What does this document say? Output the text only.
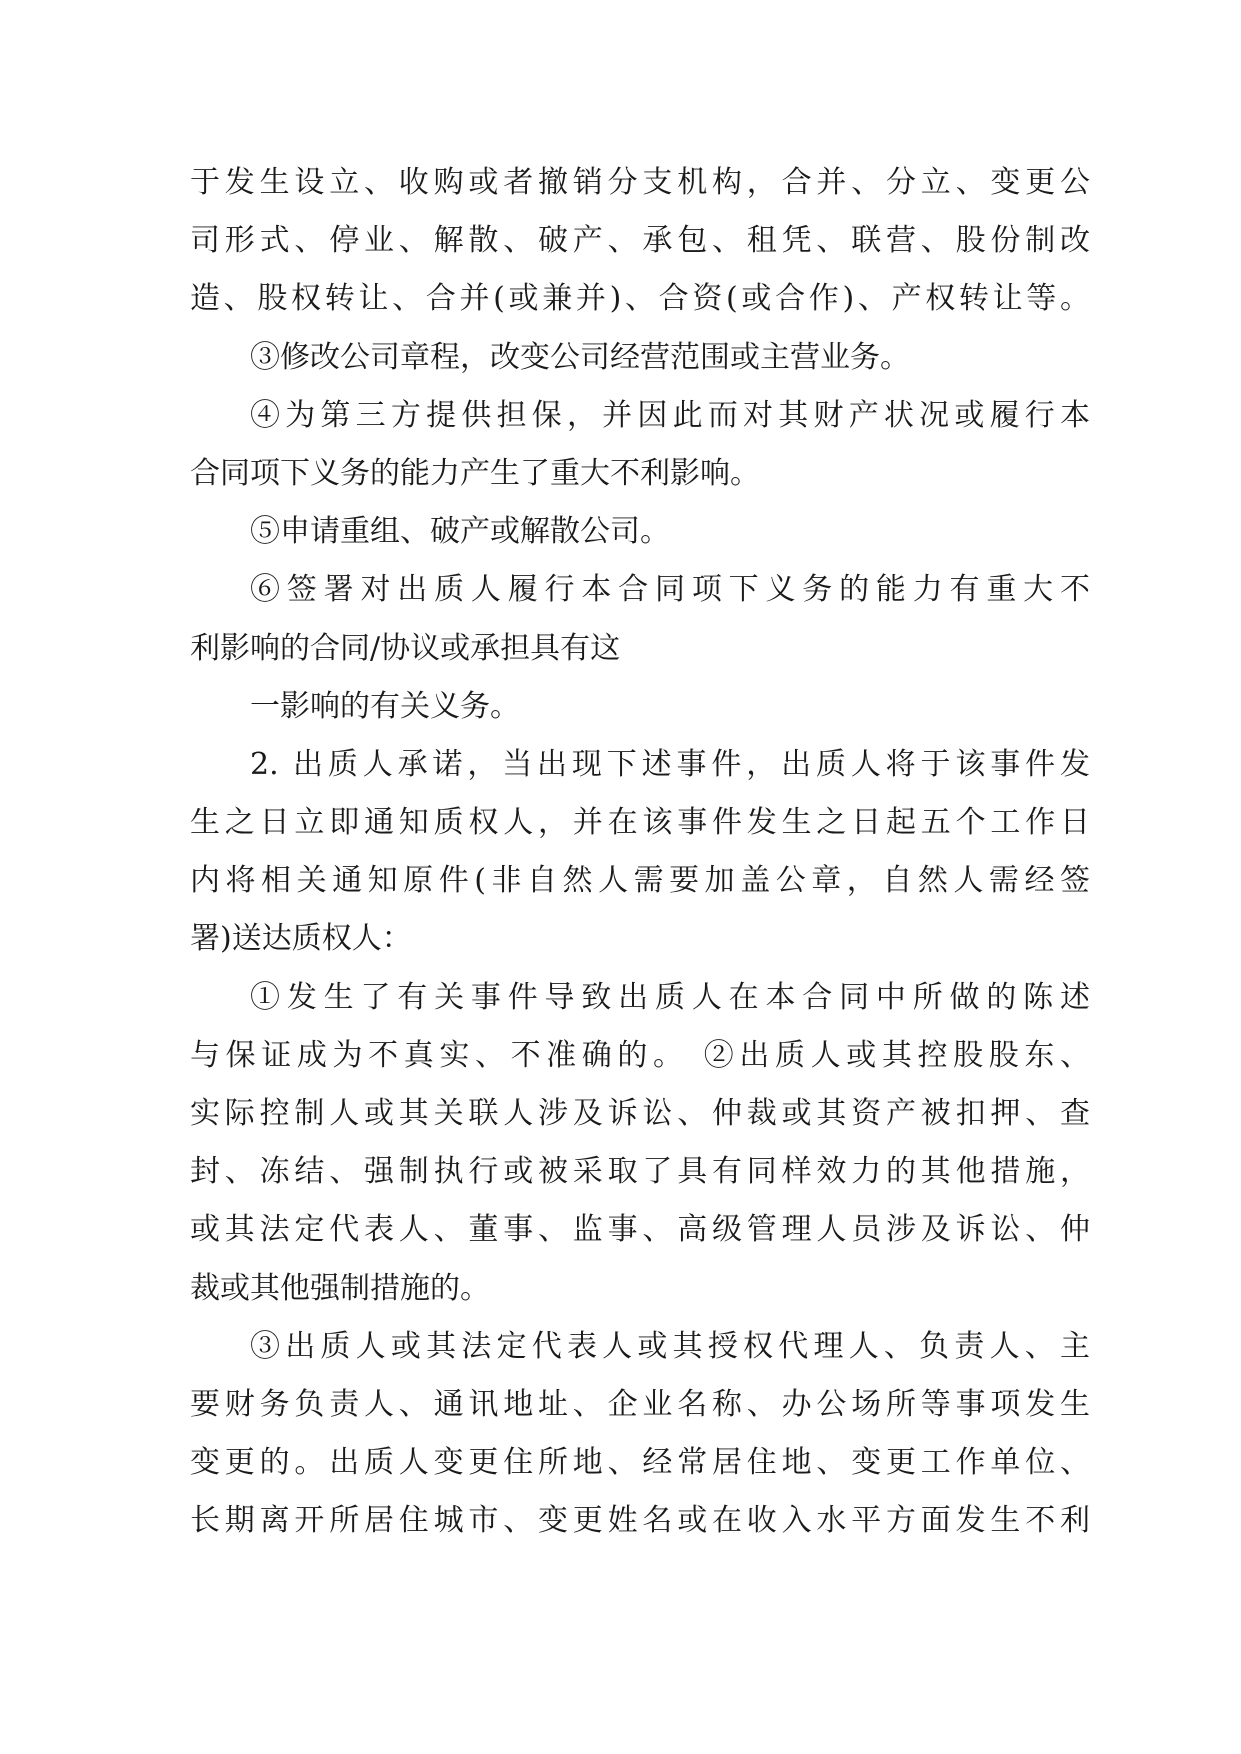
于发生设立、收购或者撤销分支机构，合并、分立、变更公
司形式、停业、解散、破产、承包、租凭、联营、股份制改
造、股权转让、合并(或兼并)、合资(或合作)、产权转让等。
③修改公司章程，改变公司经营范围或主营业务。
④为第三方提供担保，并因此而对其财产状况或履行本
合同项下义务的能力产生了重大不利影响。
⑤申请重组、破产或解散公司。
⑥签署对出质人履行本合同项下义务的能力有重大不
利影响的合同/协议或承担具有这
一影响的有关义务。
2. 出质人承诺，当出现下述事件，出质人将于该事件发
生之日立即通知质权人，并在该事件发生之日起五个工作日
内将相关通知原件(非自然人需要加盖公章，自然人需经签
署)送达质权人：
①发生了有关事件导致出质人在本合同中所做的陈述
与保证成为不真实、不准确的。 ②出质人或其控股股东、
实际控制人或其关联人涉及诉讼、仲裁或其资产被扣押、查
封、冻结、强制执行或被采取了具有同样效力的其他措施，
或其法定代表人、董事、监事、高级管理人员涉及诉讼、仲
裁或其他强制措施的。
③出质人或其法定代表人或其授权代理人、负责人、主
要财务负责人、通讯地址、企业名称、办公场所等事项发生
变更的。出质人变更住所地、经常居住地、变更工作单位、
长期离开所居住城市、变更姓名或在收入水平方面发生不利
